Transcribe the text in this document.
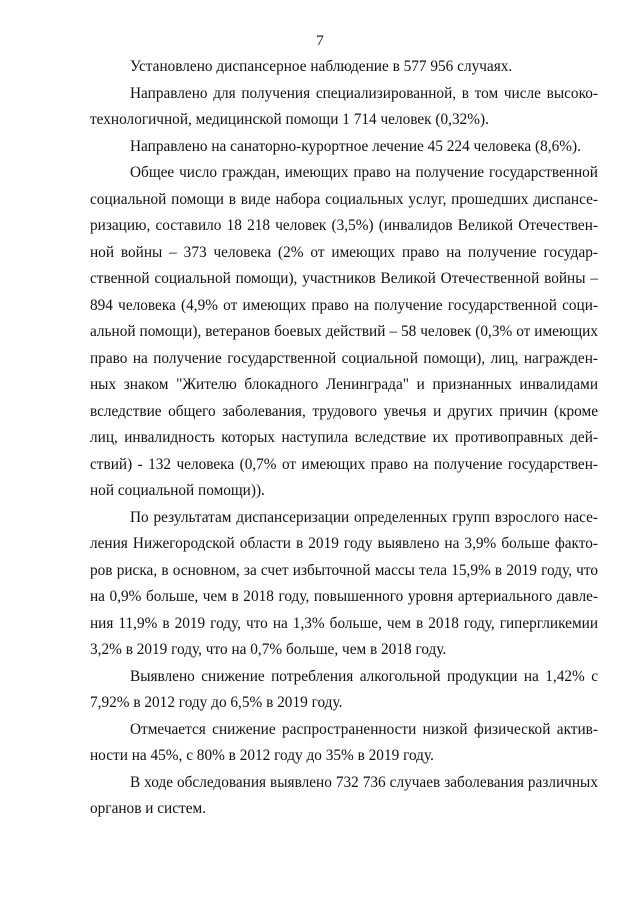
7

Установлено диспансерное наблюдение в 577 956 случаях.

Направлено для получения специализированной, в том числе высокотехнологичной, медицинской помощи 1 714 человек (0,32%).

Направлено на санаторно-курортное лечение 45 224 человека (8,6%).

Общее число граждан, имеющих право на получение государственной социальной помощи в виде набора социальных услуг, прошедших диспансеризацию, составило 18 218 человек (3,5%) (инвалидов Великой Отечественной войны – 373 человека (2% от имеющих право на получение государственной социальной помощи), участников Великой Отечественной войны –894 человека (4,9% от имеющих право на получение государственной социальной помощи), ветеранов боевых действий – 58 человек (0,3% от имеющих право на получение государственной социальной помощи), лиц, награжденных знаком "Жителю блокадного Ленинграда" и признанных инвалидами вследствие общего заболевания, трудового увечья и других причин (кроме лиц, инвалидность которых наступила вследствие их противоправных действий) - 132 человека (0,7% от имеющих право на получение государственной социальной помощи)).

По результатам диспансеризации определенных групп взрослого населения Нижегородской области в 2019 году выявлено на 3,9% больше факторов риска, в основном, за счет избыточной массы тела 15,9% в 2019 году, что на 0,9% больше, чем в 2018 году, повышенного уровня артериального давления 11,9% в 2019 году, что на 1,3% больше, чем в 2018 году, гипергликемии 3,2% в 2019 году, что на 0,7% больше, чем в 2018 году.

Выявлено снижение потребления алкогольной продукции на 1,42% с 7,92% в 2012 году до 6,5% в 2019 году.

Отмечается снижение распространенности низкой физической активности на 45%, с 80% в 2012 году до 35% в 2019 году.

В ходе обследования выявлено 732 736 случаев заболевания различных органов и систем.
